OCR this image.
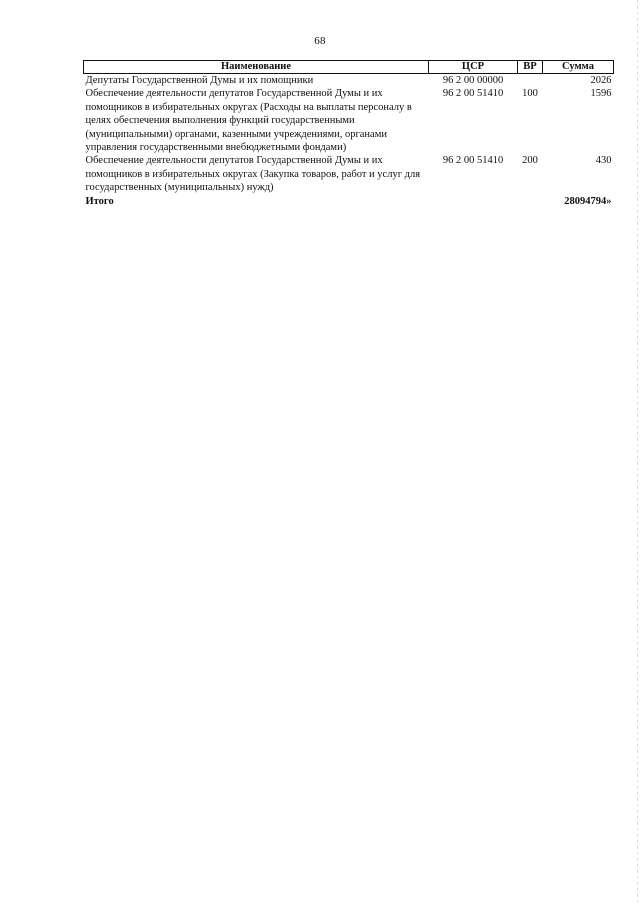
68
Наименование	ЦСР	ВР	Сумма
Депутаты Государственной Думы и их помощники	96 2 00 00000		2026
Обеспечение деятельности депутатов Государственной Думы и их помощников в избирательных округах (Расходы на выплаты персоналу в целях обеспечения выполнения функций государственными (муниципальными) органами, казенными учреждениями, органами управления государственными внебюджетными фондами)	96 2 00 51410	100	1596
Обеспечение деятельности депутатов Государственной Думы и их помощников в избирательных округах (Закупка товаров, работ и услуг для государственных (муниципальных) нужд)	96 2 00 51410	200	430
Итого			28094794»
